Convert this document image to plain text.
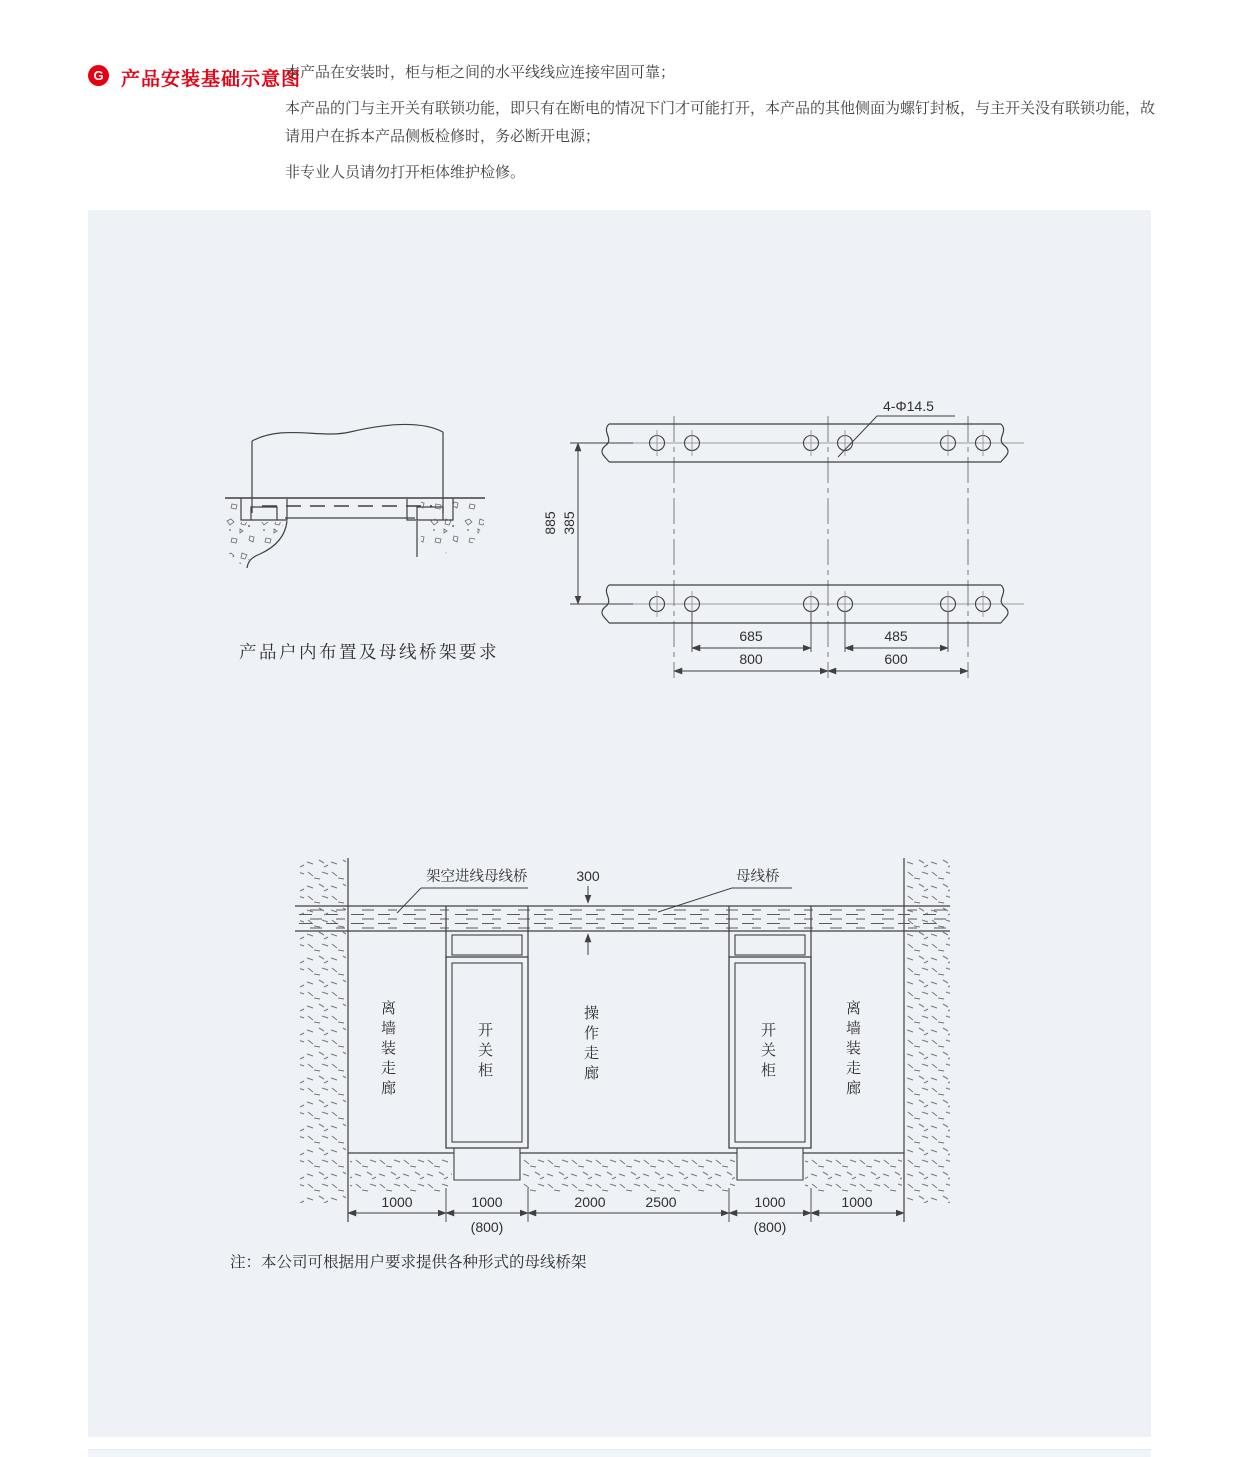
G 产品安装基础示意图

本产品在安装时，柜与柜之间的水平线线应连接牢固可靠；

本产品的门与主开关有联锁功能，即只有在断电的情况下门才可能打开，本产品的其他侧面为螺钉封板，与主开关没有联锁功能，故请用户在拆本产品侧板检修时，务必断开电源；

非专业人员请勿打开柜体维护检修。

产品户内布置及母线桥架要求
885 385
4-Φ14.5
685	485
800	600
架空进线母线桥	300	母线桥
1000	1000	2000	2500	1000	1000
(800)	(800)
注：本公司可根据用户要求提供各种形式的母线桥架
离墙装走廊	开关柜	操作走廊	开关柜	离墙装走廊
